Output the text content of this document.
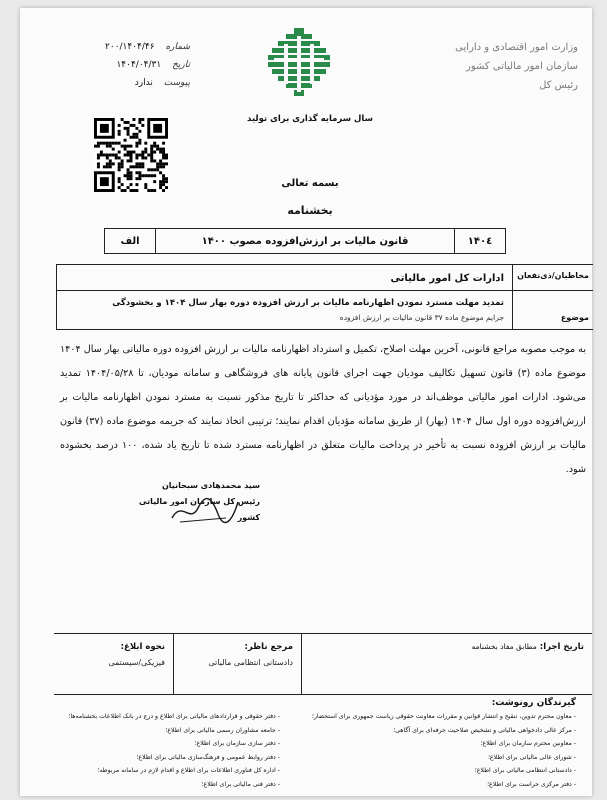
وزارت امور اقتصادی و دارایی
سازمان امور مالیاتی کشور
رئیس کل
شماره ۲۰۰/۱۴۰۴/۴۶
تاریخ ۱۴۰۴/۰۴/۳۱
پیوست ندارد
سال سرمایه گذاری برای تولید
بسمه تعالی
بخشنامه
۱۴۰٤
قانون مالیات بر ارزش‌افزوده مصوب ۱۴۰۰
الف
مخاطبان/ذی‌نفعان
ادارات کل امور مالیاتی
موضوع
تمدید مهلت مسترد نمودن اظهارنامه مالیات بر ارزش افزوده دوره بهار سال ۱۴۰۴ و بخشودگی
جرایم موضوع ماده ۳۷ قانون مالیات بر ارزش افزوده
به موجب مصوبه مراجع قانونی، آخرین مهلت اصلاح، تکمیل و استرداد اظهارنامه مالیات بر ارزش افزوده دوره مالیاتی بهار سال ۱۴۰۴ موضوع ماده (۳) قانون تسهیل تکالیف مودیان جهت اجرای قانون پایانه های فروشگاهی و سامانه مودیان، تا ۱۴۰۴/۰۵/۲۸ تمدید می‌شود. ادارات امور مالیاتی موظف‌اند در مورد مؤدیانی که حداکثر تا تاریخ مذکور نسبت به مسترد نمودن اظهارنامه مالیات بر ارزش‌افزوده دوره اول سال ۱۴۰۴ (بهار) از طریق سامانه مؤدیان اقدام نمایند؛ ترتیبی اتخاذ نمایند که جریمه موضوع ماده (۳۷) قانون مالیات بر ارزش افزوده نسبت به تأخیر در پرداخت مالیات متعلق در اظهارنامه مسترد شده تا تاریخ یاد شده، ۱۰۰ درصد بخشوده شود.
سید محمدهادی سبحانیان
رئیس کل سازمان امور مالیاتی کشور
تاریخ اجرا: مطابق مفاد بخشنامه
مرجع ناظر:
دادستانی انتظامی مالیاتی
نحوه ابلاغ:
فیزیکی/سیستمی
گیرندگان رونوشت:
- معاون محترم تدوین، تنقیح و انتشار قوانین و مقررات معاونت حقوقی ریاست جمهوری برای استحضار؛
- مرکز عالی دادخواهی مالیاتی و تشخیص صلاحیت حرفه‌ای برای آگاهی؛
- معاونین محترم سازمان برای اطلاع؛
- شورای عالی مالیاتی برای اطلاع؛
- دادستانی انتظامی مالیاتی برای اطلاع؛
- دفتر مرکزی حراست برای اطلاع؛
- دفتر حقوقی و قراردادهای مالیاتی برای اطلاع و درج در بانک اطلاعات بخشنامه‌ها؛
- جامعه مشاوران رسمی مالیاتی برای اطلاع؛
- دفتر سازی سازمان برای اطلاع؛
- دفتر روابط عمومی و فرهنگ‌سازی مالیاتی برای اطلاع؛
- اداره کل فناوری اطلاعات برای اطلاع و اقدام لازم در سامانه مربوطه؛
- دفتر فنی مالیاتی برای اطلاع؛
